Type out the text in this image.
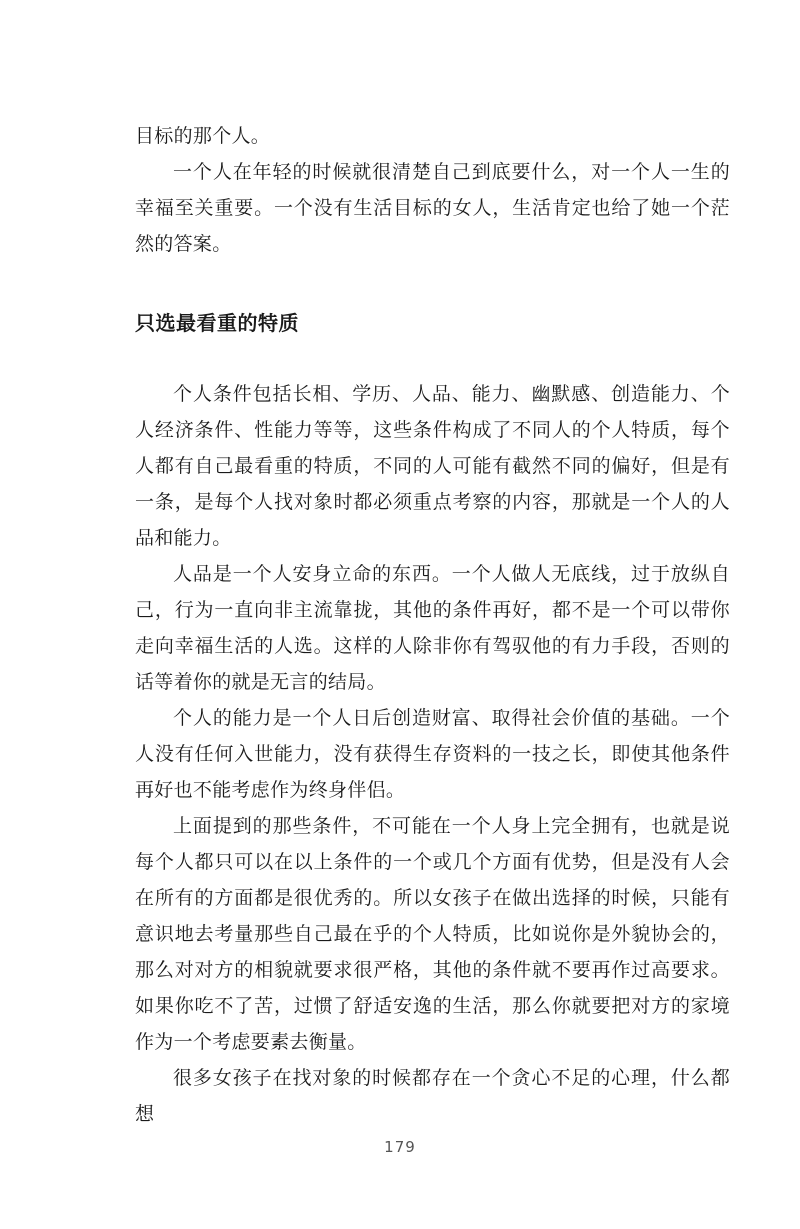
目标的那个人。

一个人在年轻的时候就很清楚自己到底要什么，对一个人一生的幸福至关重要。一个没有生活目标的女人，生活肯定也给了她一个茫然的答案。

只选最看重的特质

个人条件包括长相、学历、人品、能力、幽默感、创造能力、个人经济条件、性能力等等，这些条件构成了不同人的个人特质，每个人都有自己最看重的特质，不同的人可能有截然不同的偏好，但是有一条，是每个人找对象时都必须重点考察的内容，那就是一个人的人品和能力。

人品是一个人安身立命的东西。一个人做人无底线，过于放纵自己，行为一直向非主流靠拢，其他的条件再好，都不是一个可以带你走向幸福生活的人选。这样的人除非你有驾驭他的有力手段，否则的话等着你的就是无言的结局。

个人的能力是一个人日后创造财富、取得社会价值的基础。一个人没有任何入世能力，没有获得生存资料的一技之长，即使其他条件再好也不能考虑作为终身伴侣。

上面提到的那些条件，不可能在一个人身上完全拥有，也就是说每个人都只可以在以上条件的一个或几个方面有优势，但是没有人会在所有的方面都是很优秀的。所以女孩子在做出选择的时候，只能有意识地去考量那些自己最在乎的个人特质，比如说你是外貌协会的，那么对对方的相貌就要求很严格，其他的条件就不要再作过高要求。如果你吃不了苦，过惯了舒适安逸的生活，那么你就要把对方的家境作为一个考虑要素去衡量。

很多女孩子在找对象的时候都存在一个贪心不足的心理，什么都想

179
